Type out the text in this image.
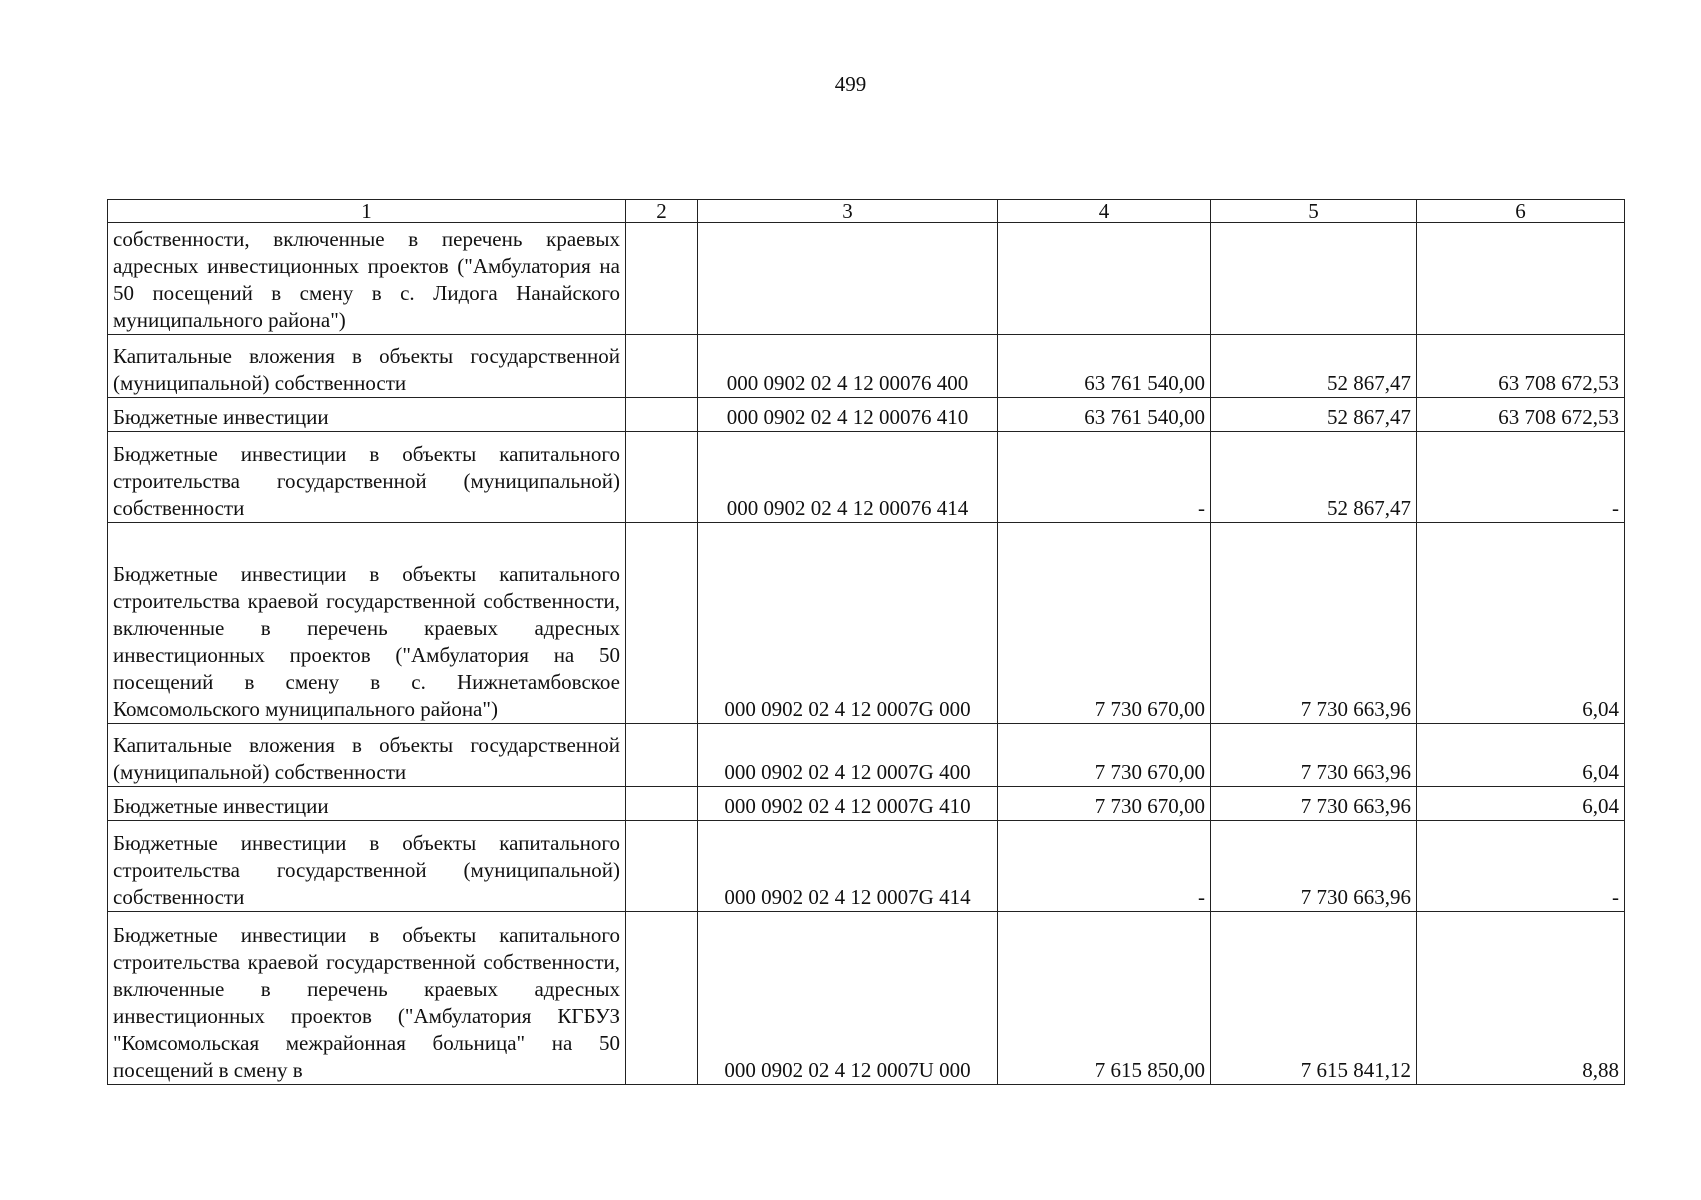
499
1	2	3	4	5	6
собственности, включенные в перечень краевых адресных инвестиционных проектов ("Амбулатория на 50 посещений в смену в с. Лидога Нанайского муниципального района")					
Капитальные вложения в объекты государственной (муниципальной) собственности		000 0902 02 4 12 00076 400	63 761 540,00	52 867,47	63 708 672,53
Бюджетные инвестиции		000 0902 02 4 12 00076 410	63 761 540,00	52 867,47	63 708 672,53
Бюджетные инвестиции в объекты капитального строительства государственной (муниципальной) собственности		000 0902 02 4 12 00076 414	-	52 867,47	-
Бюджетные инвестиции в объекты капитального строительства краевой государственной собственности, включенные в перечень краевых адресных инвестиционных проектов ("Амбулатория на 50 посещений в смену в с. Нижнетамбовское Комсомольского муниципального района")		000 0902 02 4 12 0007G 000	7 730 670,00	7 730 663,96	6,04
Капитальные вложения в объекты государственной (муниципальной) собственности		000 0902 02 4 12 0007G 400	7 730 670,00	7 730 663,96	6,04
Бюджетные инвестиции		000 0902 02 4 12 0007G 410	7 730 670,00	7 730 663,96	6,04
Бюджетные инвестиции в объекты капитального строительства государственной (муниципальной) собственности		000 0902 02 4 12 0007G 414	-	7 730 663,96	-
Бюджетные инвестиции в объекты капитального строительства краевой государственной собственности, включенные в перечень краевых адресных инвестиционных проектов ("Амбулатория КГБУЗ "Комсомольская межрайонная больница" на 50 посещений в смену в		000 0902 02 4 12 0007U 000	7 615 850,00	7 615 841,12	8,88
